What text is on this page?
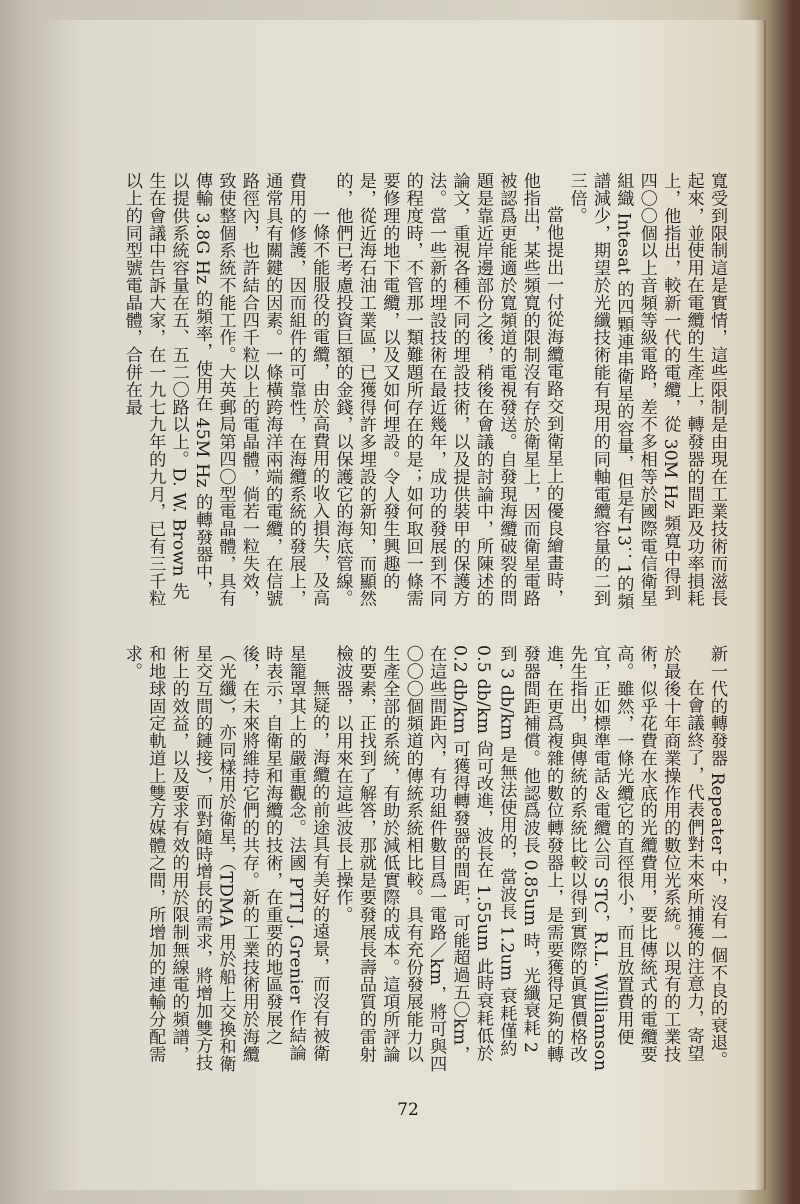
寬受到限制這是實情，這些限制是由現在工業技術而滋長起來，並使用在電纜的生產上，轉發器的間距及功率損耗上，他指出，較新一代的電纜，從 30M Hz 頻寬中得到四〇〇個以上音頻等級電路，差不多相等於國際電信衛星組織 Intesat 的四顆連串衛星的容量，但是有13：1的頻譜減少，期望於光纖技術能有現用的同軸電纜容量的二到三倍。

當他提出一付從海纜電路交到衛星上的優良繪畫時，他指出，某些頻寬的限制沒有存於衛星上，因而衛星電路被認爲更能適於寬頻道的電視發送。自發現海纜破裂的問題是靠近岸邊部份之後，稍後在會議的討論中，所陳述的論文，重視各種不同的埋設技術，以及提供裝甲的保護方法。當一些新的埋設技術在最近幾年，成功的發展到不同的程度時，不管那一類難題所存在的是；如何取回一條需要修理的地下電纜，以及又如何埋設。令人發生興趣的是，從近海石油工業區，已獲得許多埋設的新知，而顯然的，他們已考慮投資巨額的金錢，以保護它的海底管線。

一條不能服役的電纜，由於高費用的收入損失，及高費用的修護，因而組件的可靠性，在海纜系統的發展上，通常具有關鍵的因素。一條橫跨海洋兩端的電纜，在信號路徑內，也許結合四千粒以上的電晶體，倘若一粒失效，致使整個系統不能工作。大英郵局第四〇型電晶體，具有傳輸 3.8G Hz 的頻率，使用在 45M Hz 的轉發器中，以提供系統容量在五、五二〇路以上。D. W. Brown 先生在會議中告訴大家，在一九七九年的九月，已有三千粒以上的同型號電晶體，合併在最

新一代的轉發器 Repeater 中，沒有一個不良的衰退。

在會議終了，代表們對未來所捕獲的注意力，寄望於最後十年商業操作用的數位光系統。以現有的工業技術，似乎花費在水底的光纜費用，要比傳統式的電纜要高。雖然，一條光纜它的直徑很小，而且放置費用便宜，正如標準電話＆電纜公司 STC，R.L. Williamson 先生指出，與傳統的系統比較以得到實際的眞實價格改進，在更爲複雜的數位轉發器上，是需要獲得足夠的轉發器間距補償。他認爲波長 0.85um 時，光纖衰耗 2 到 3 db/km 是無法使用的，當波長 1.2um 衰耗僅約 0.5 db/km 尙可改進，波長在 1.55um 此時衰耗低於 0.2 db/km 可獲得轉發器的間距，可能超過五〇km，在這些間距內，有功組件數目爲一電路／km，將可與四〇〇〇個頻道的傳統系統相比較。具有充份發展能力以生產全部的系統，有助於減低實際的成本。這項所評論的要素，正找到了解答，那就是要發展長壽品質的雷射檢波器，以用來在這些波長上操作。

無疑的，海纜的前途具有美好的遠景，而沒有被衛星籠罩其上的嚴重觀念。法國 PTT J. Grenier 作結論時表示，自衛星和海纜的技術，在重要的地區發展之後，在未來將維持它們的共存。新的工業技術用於海纜（光纖），亦同樣用於衛星，（TDMA 用於船上交換和衛星交互間的鏈接），而對隨時增長的需求，將增加雙方技術上的效益，以及要求有效的用於限制無線電的頻譜，和地球固定軌道上雙方媒體之間，所增加的連輸分配需求。

72
